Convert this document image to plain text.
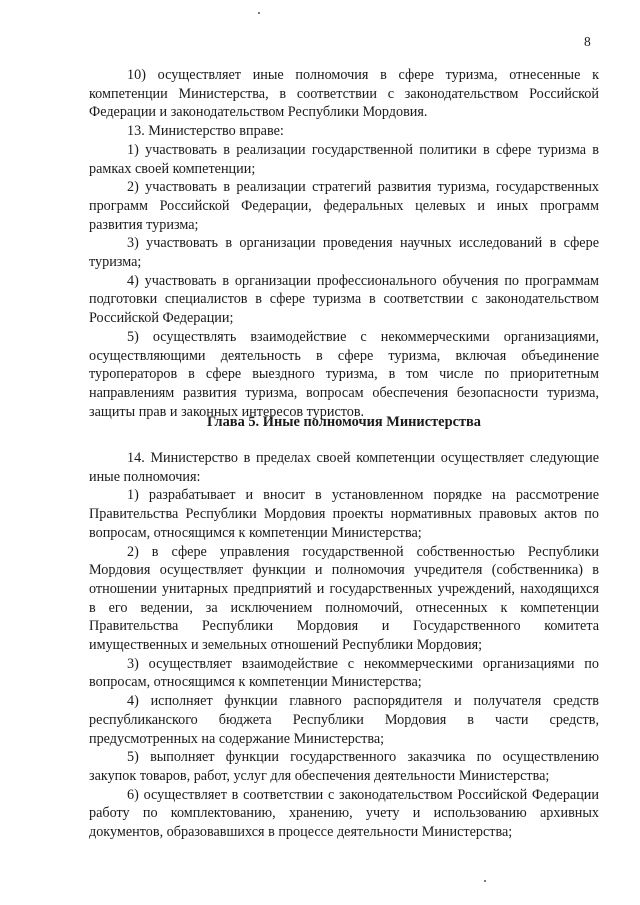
8

10) осуществляет иные полномочия в сфере туризма, отнесенные к компетенции Министерства, в соответствии с законодательством Российской Федерации и законодательством Республики Мордовия.

13. Министерство вправе:

1) участвовать в реализации государственной политики в сфере туризма в рамках своей компетенции;

2) участвовать в реализации стратегий развития туризма, государственных программ Российской Федерации, федеральных целевых и иных программ развития туризма;

3) участвовать в организации проведения научных исследований в сфере туризма;

4) участвовать в организации профессионального обучения по программам подготовки специалистов в сфере туризма в соответствии с законодательством Российской Федерации;

5) осуществлять взаимодействие с некоммерческими организациями, осуществляющими деятельность в сфере туризма, включая объединение туроператоров в сфере выездного туризма, в том числе по приоритетным направлениям развития туризма, вопросам обеспечения безопасности туризма, защиты прав и законных интересов туристов.

Глава 5. Иные полномочия Министерства

14. Министерство в пределах своей компетенции осуществляет следующие иные полномочия:

1) разрабатывает и вносит в установленном порядке на рассмотрение Правительства Республики Мордовия проекты нормативных правовых актов по вопросам, относящимся к компетенции Министерства;

2) в сфере управления государственной собственностью Республики Мордовия осуществляет функции и полномочия учредителя (собственника) в отношении унитарных предприятий и государственных учреждений, находящихся в его ведении, за исключением полномочий, отнесенных к компетенции Правительства Республики Мордовия и Государственного комитета имущественных и земельных отношений Республики Мордовия;

3) осуществляет взаимодействие с некоммерческими организациями по вопросам, относящимся к компетенции Министерства;

4) исполняет функции главного распорядителя и получателя средств республиканского бюджета Республики Мордовия в части средств, предусмотренных на содержание Министерства;

5) выполняет функции государственного заказчика по осуществлению закупок товаров, работ, услуг для обеспечения деятельности Министерства;

6) осуществляет в соответствии с законодательством Российской Федерации работу по комплектованию, хранению, учету и использованию архивных документов, образовавшихся в процессе деятельности Министерства;
